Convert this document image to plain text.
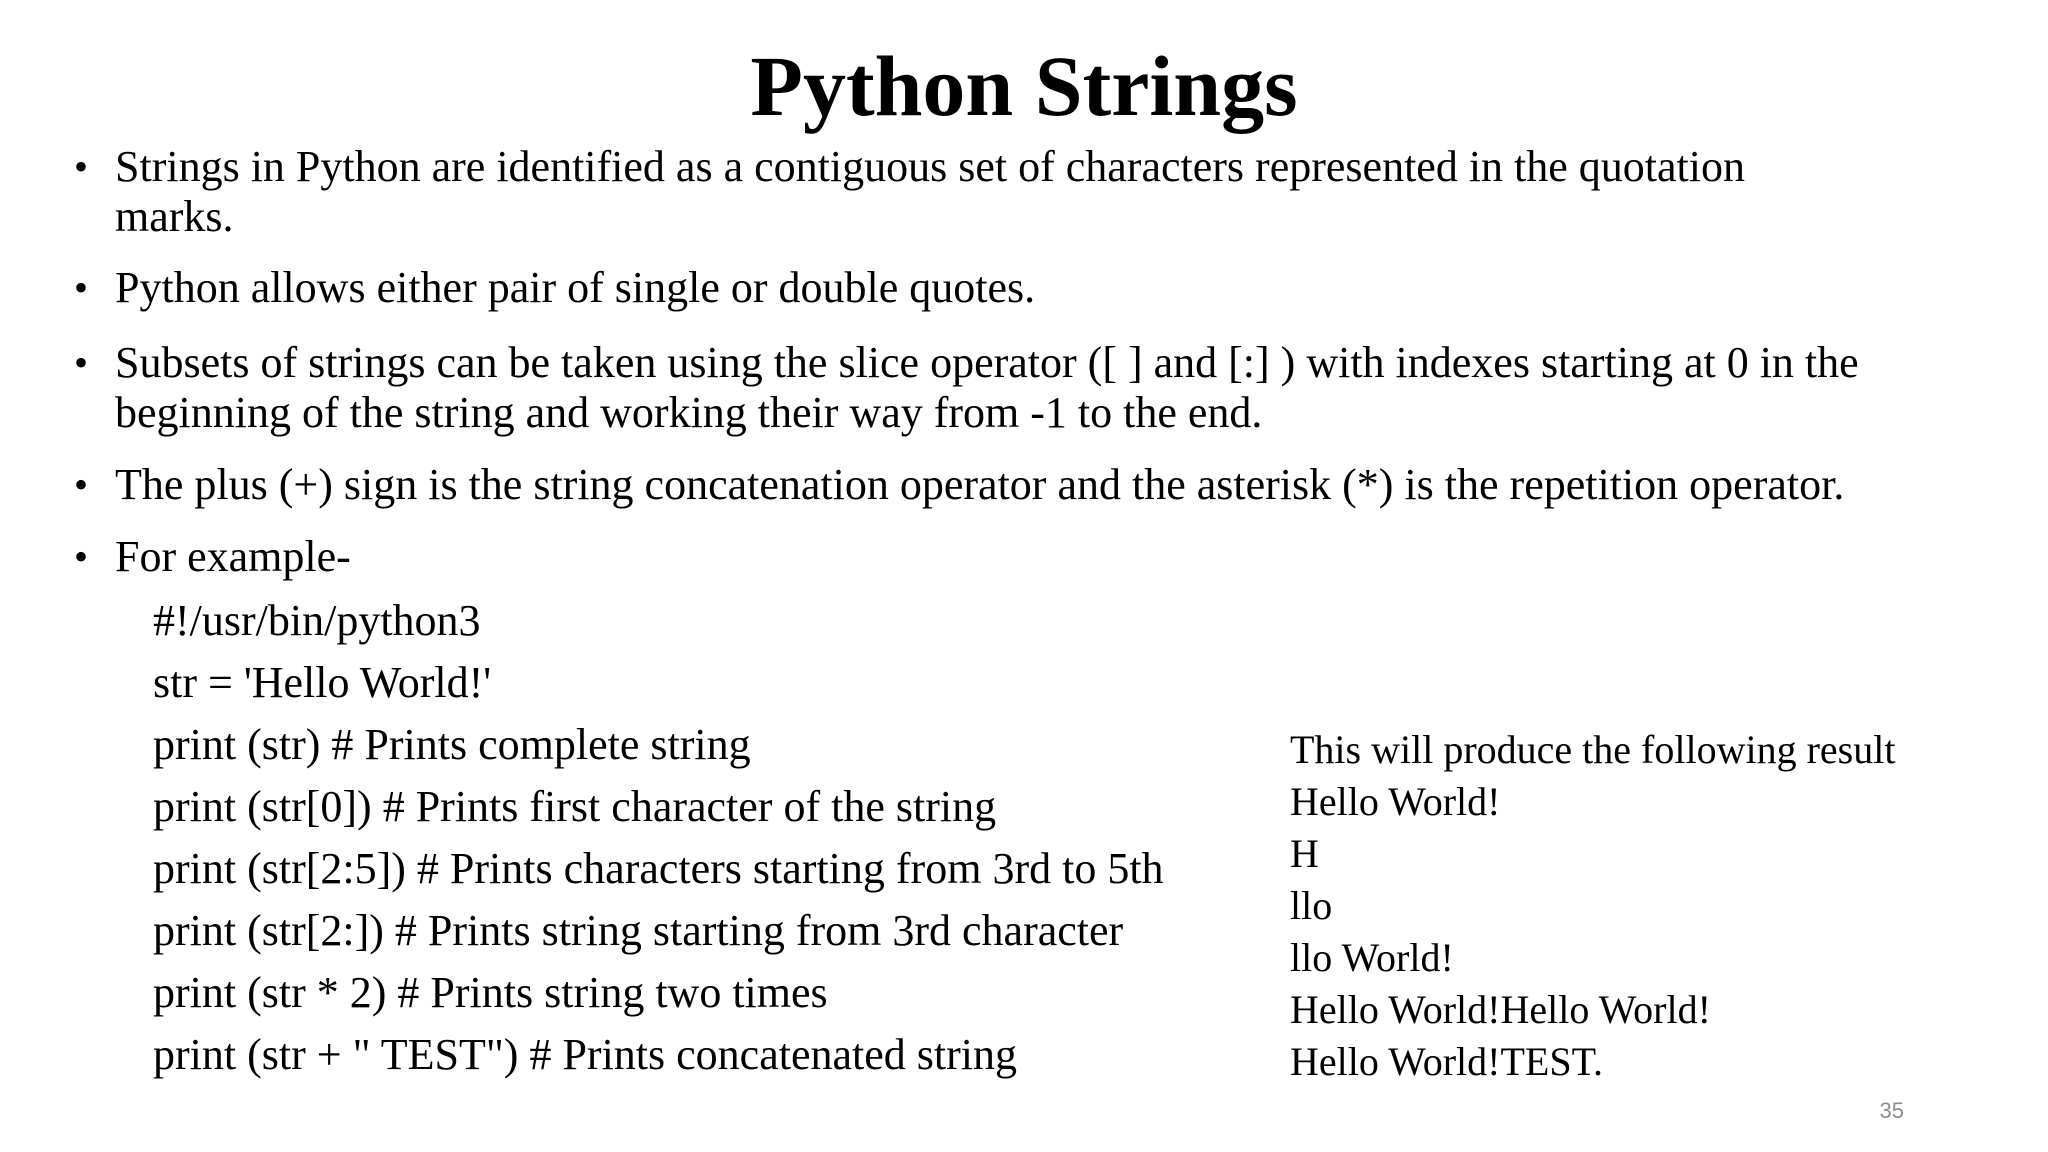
Python Strings
• Strings in Python are identified as a contiguous set of characters represented in the quotation
marks.
• Python allows either pair of single or double quotes.
• Subsets of strings can be taken using the slice operator ([ ] and [:] ) with indexes starting at 0 in the
beginning of the string and working their way from -1 to the end.
• The plus (+) sign is the string concatenation operator and the asterisk (*) is the repetition operator.
• For example-
#!/usr/bin/python3
str = 'Hello World!'
print (str) # Prints complete string
print (str[0]) # Prints first character of the string
print (str[2:5]) # Prints characters starting from 3rd to 5th
print (str[2:]) # Prints string starting from 3rd character
print (str * 2) # Prints string two times
print (str + " TEST") # Prints concatenated string
This will produce the following result
Hello World!
H
llo
llo World!
Hello World!Hello World!
Hello World!TEST.
35
